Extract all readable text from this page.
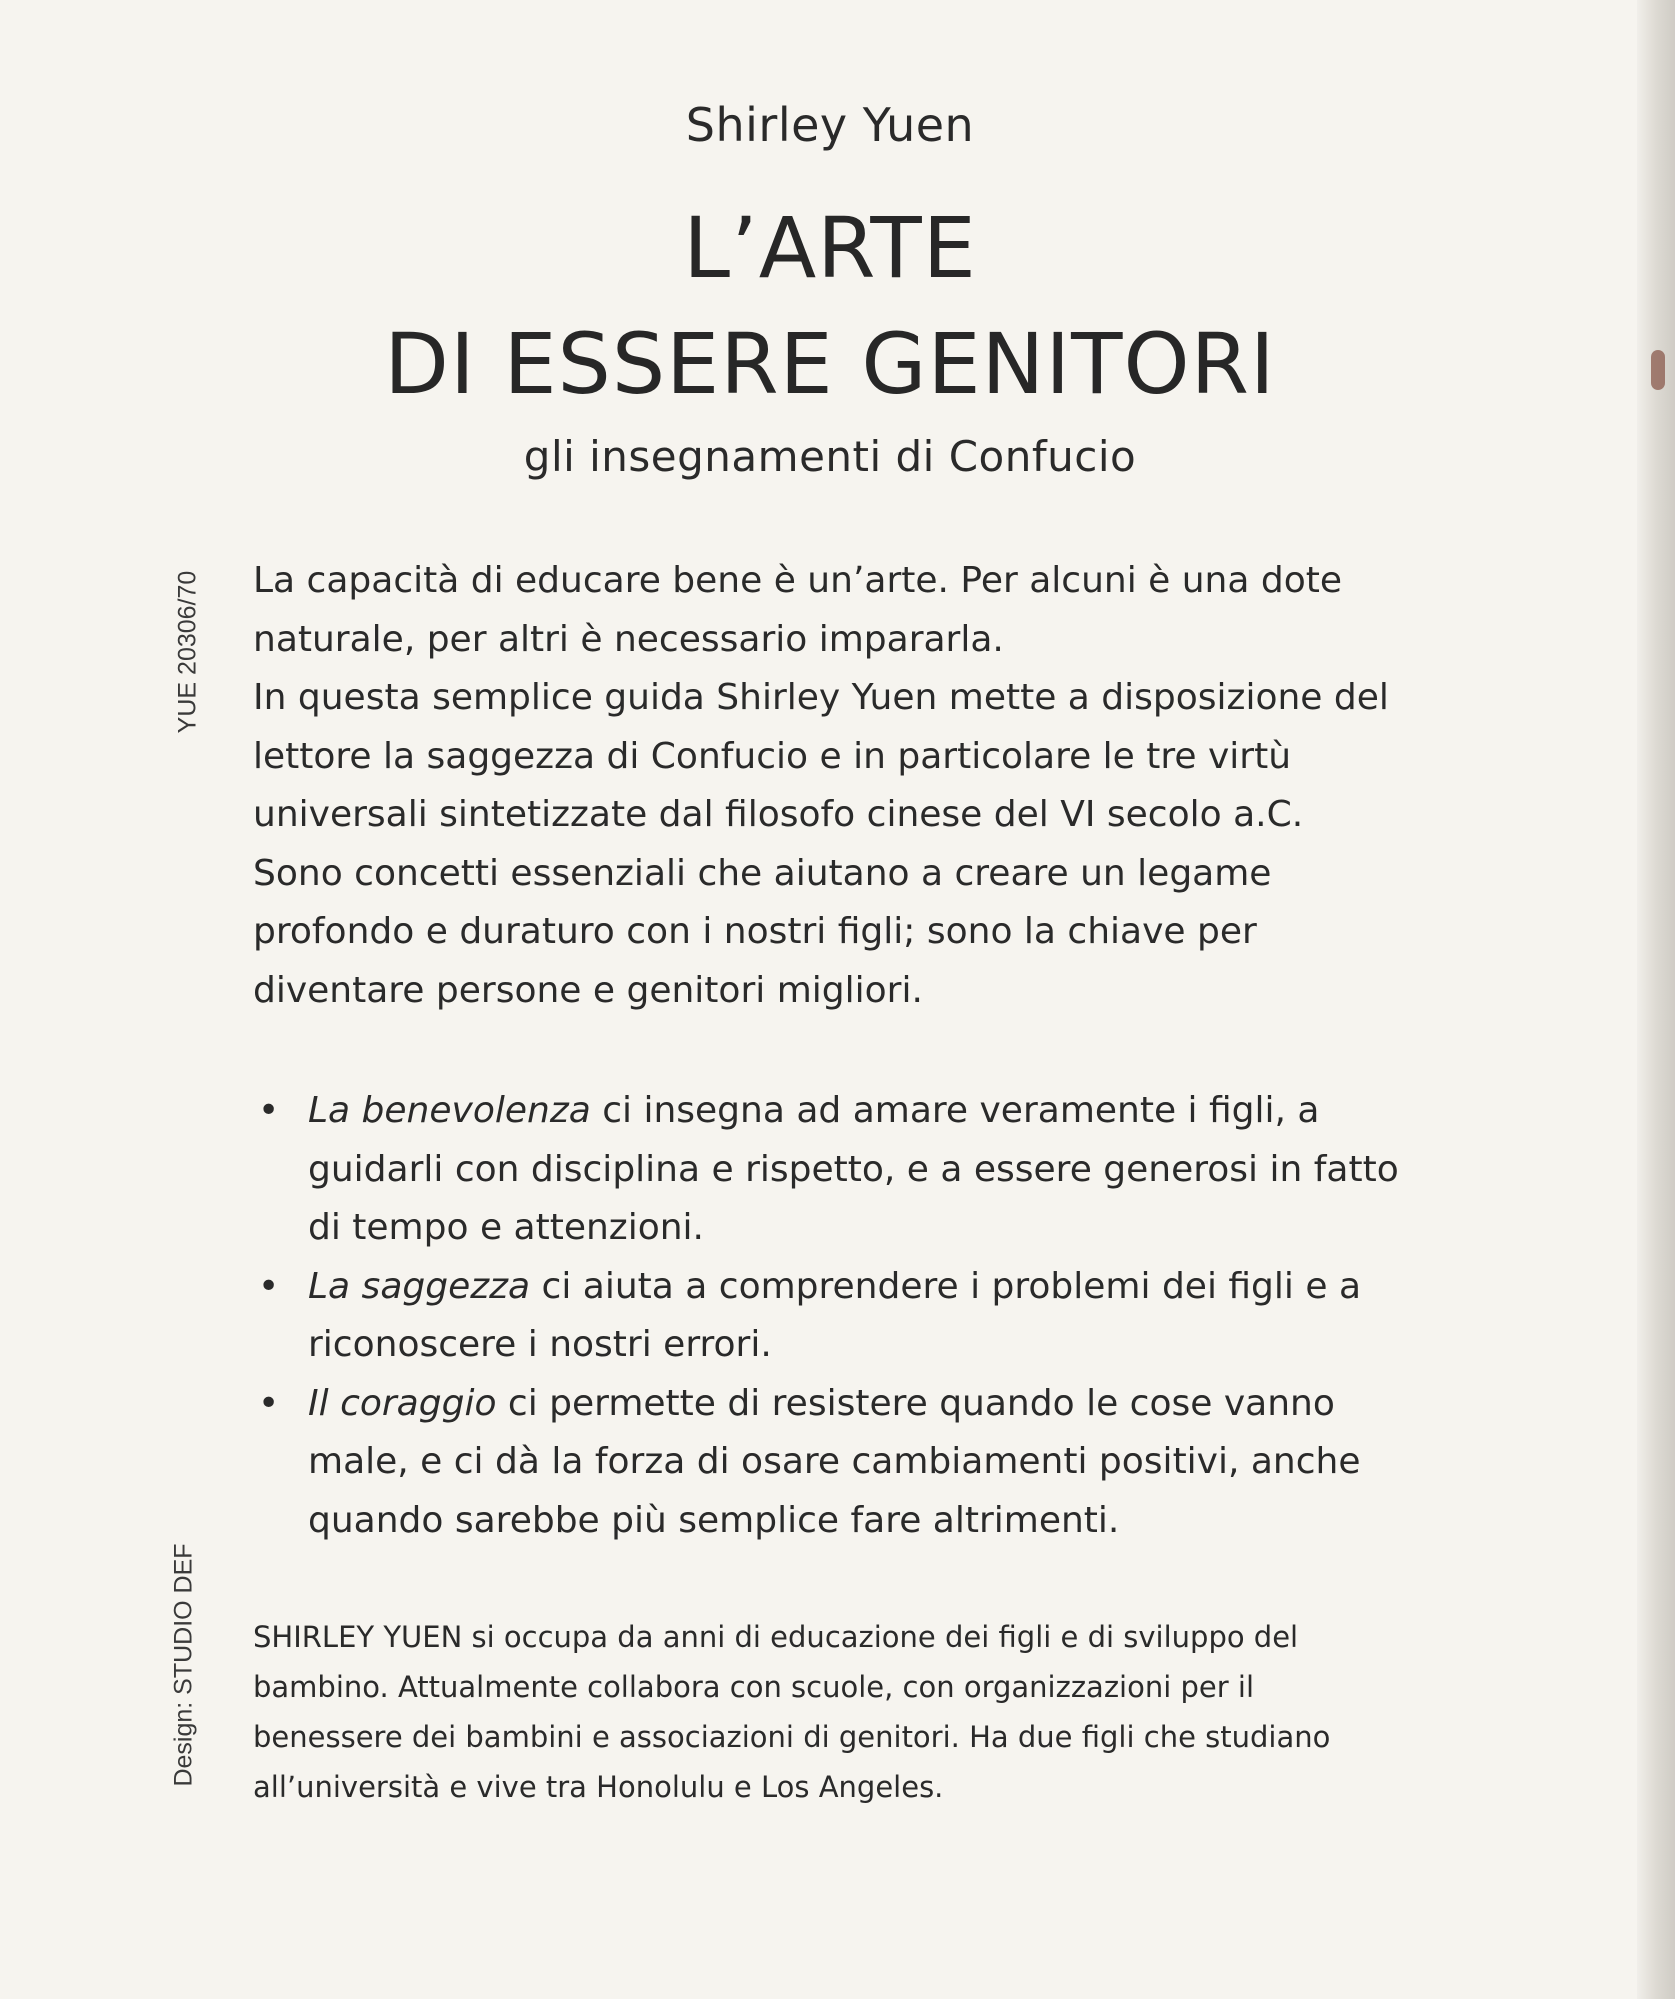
Shirley Yuen
L’ARTE
DI ESSERE GENITORI
gli insegnamenti di Confucio
YUE 20306/70
Design: STUDIO DEF

La capacità di educare bene è un’arte. Per alcuni è una dote naturale, per altri è necessario impararla.

In questa semplice guida Shirley Yuen mette a disposizione del lettore la saggezza di Confucio e in particolare le tre virtù universali sintetizzate dal filosofo cinese del VI secolo a.C.

Sono concetti essenziali che aiutano a creare un legame profondo e duraturo con i nostri figli; sono la chiave per diventare persone e genitori migliori.

• La benevolenza ci insegna ad amare veramente i figli, a guidarli con disciplina e rispetto, e a essere generosi in fatto di tempo e attenzioni.
• La saggezza ci aiuta a comprendere i problemi dei figli e a riconoscere i nostri errori.
• Il coraggio ci permette di resistere quando le cose vanno male, e ci dà la forza di osare cambiamenti positivi, anche quando sarebbe più semplice fare altrimenti.
SHIRLEY YUEN si occupa da anni di educazione dei figli e di sviluppo del bambino. Attualmente collabora con scuole, con organizzazioni per il benessere dei bambini e associazioni di genitori. Ha due figli che studiano all’università e vive tra Honolulu e Los Angeles.
